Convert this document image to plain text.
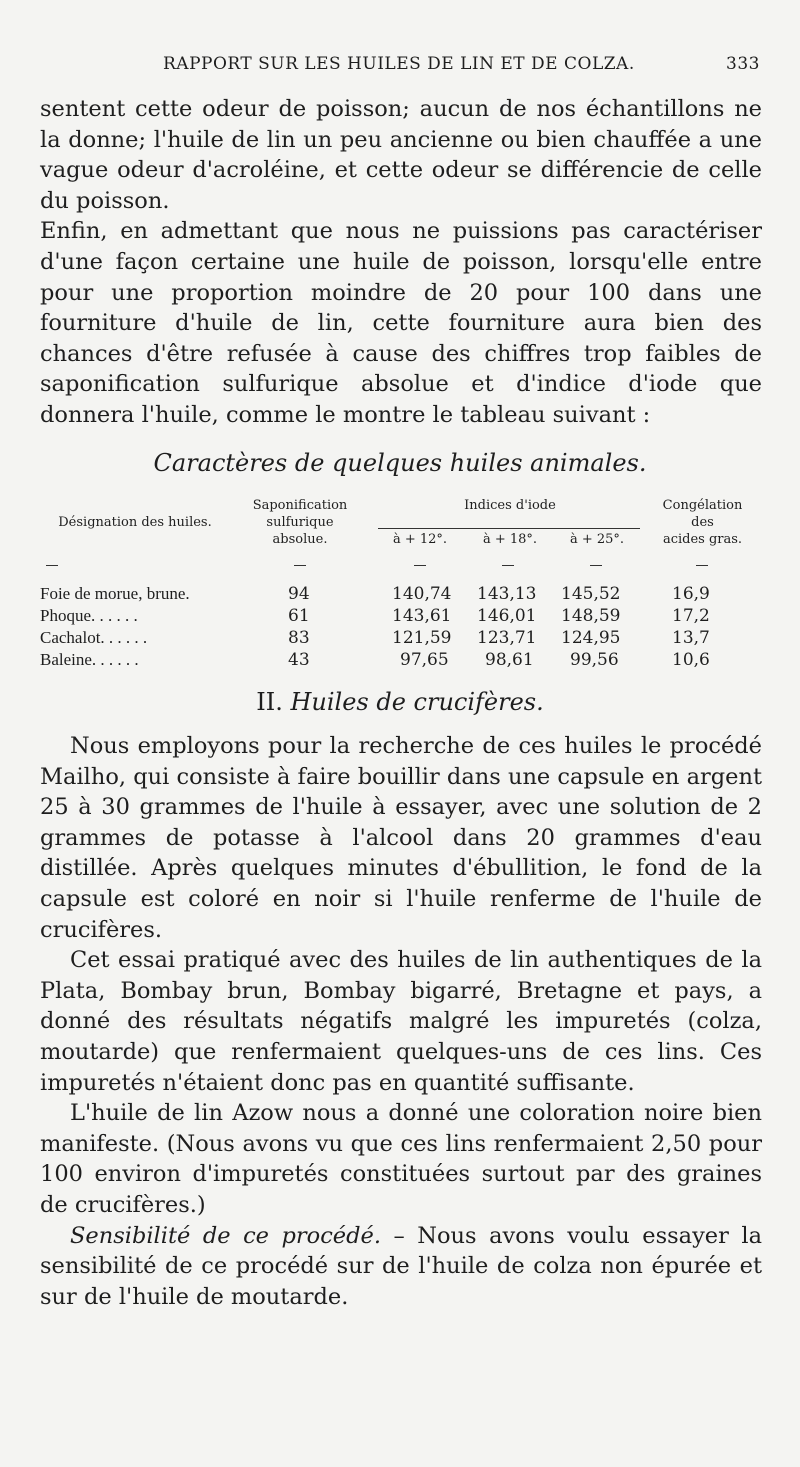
RAPPORT SUR LES HUILES DE LIN ET DE COLZA.	333

sentent cette odeur de poisson; aucun de nos échantillons ne la donne; l'huile de lin un peu ancienne ou bien chauffée a une vague odeur d'acroléine, et cette odeur se différencie de celle du poisson.

Enfin, en admettant que nous ne puissions pas caractériser d'une façon certaine une huile de poisson, lorsqu'elle entre pour une proportion moindre de 20 pour 100 dans une fourniture d'huile de lin, cette fourniture aura bien des chances d'être refusée à cause des chiffres trop faibles de saponification sulfurique absolue et d'indice d'iode que donnera l'huile, comme le montre le tableau suivant :

Caractères de quelques huiles animales.
Désignation des huiles.
Saponification
sulfurique
absolue.
Indices d'iode
à + 12°.	à + 18°.	à + 25°.
Congélation
des
acides gras.
Foie de morue, brune.	94	140,74 143,13 145,52	16,9
Phoque. . . . . .	61	143,61 146,01 148,59	17,2
Cachalot. . . . . .	83	121,59 123,71 124,95	13,7
Baleine. . . . . .	43	97,65 98,61 99,56	10,6
II. Huiles de crucifères.

Nous employons pour la recherche de ces huiles le procédé Mailho, qui consiste à faire bouillir dans une capsule en argent 25 à 30 grammes de l'huile à essayer, avec une solution de 2 grammes de potasse à l'alcool dans 20 grammes d'eau distillée. Après quelques minutes d'ébullition, le fond de la capsule est coloré en noir si l'huile renferme de l'huile de crucifères.

Cet essai pratiqué avec des huiles de lin authentiques de la Plata, Bombay brun, Bombay bigarré, Bretagne et pays, a donné des résultats négatifs malgré les impuretés (colza, moutarde) que renfermaient quelques-uns de ces lins. Ces impuretés n'étaient donc pas en quantité suffisante.

L'huile de lin Azow nous a donné une coloration noire bien manifeste. (Nous avons vu que ces lins renfermaient 2,50 pour 100 environ d'impuretés constituées surtout par des graines de crucifères.)

Sensibilité de ce procédé. – Nous avons voulu essayer la sensibilité de ce procédé sur de l'huile de colza non épurée et sur de l'huile de moutarde.
